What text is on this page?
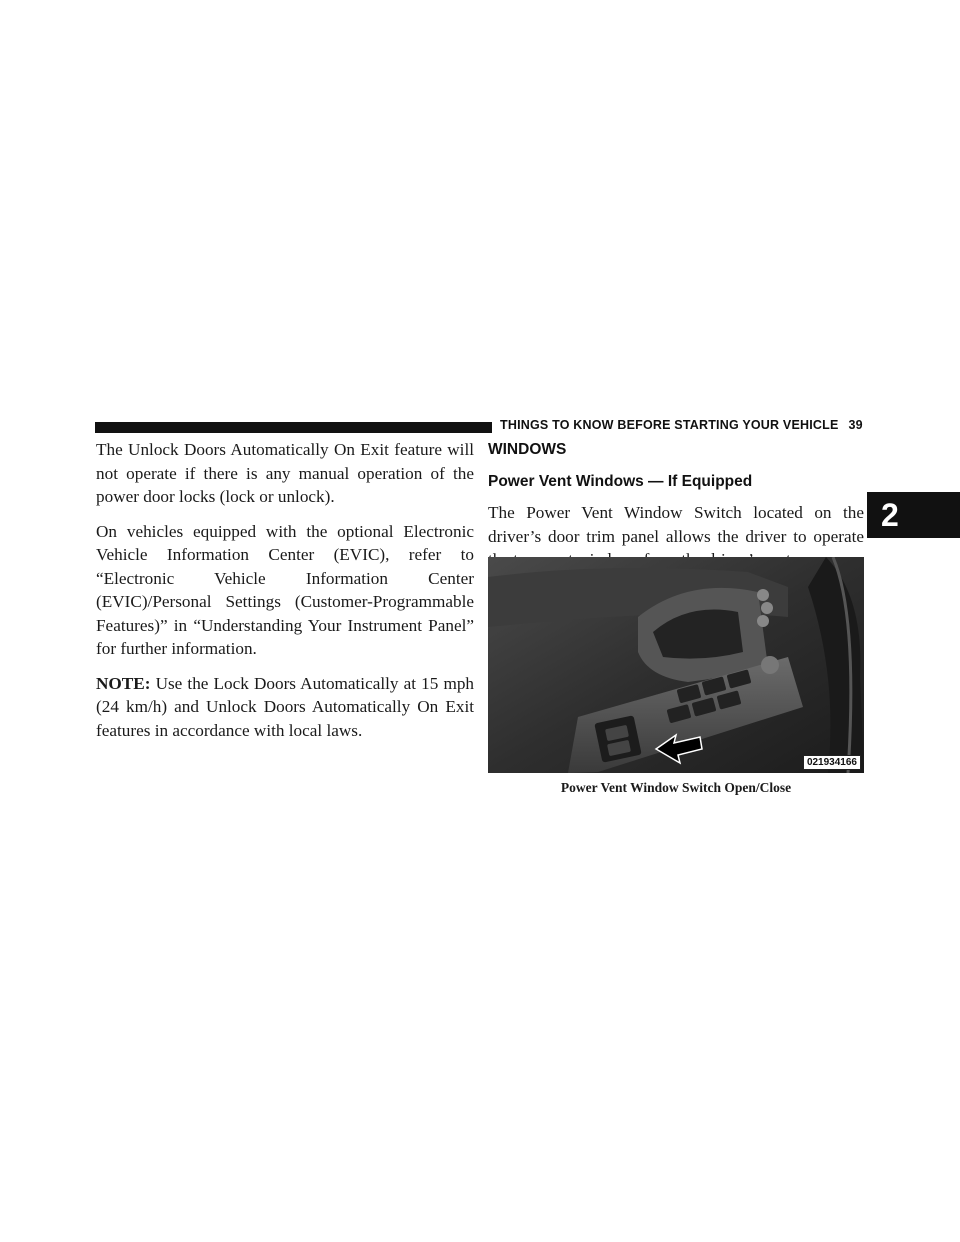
THINGS TO KNOW BEFORE STARTING YOUR VEHICLE 39
2

The Unlock Doors Automatically On Exit feature will not operate if there is any manual operation of the power door locks (lock or unlock).

On vehicles equipped with the optional Electronic Vehicle Information Center (EVIC), refer to “Electronic Vehicle Information Center (EVIC)/Personal Settings (Customer-Programmable Features)” in “Understanding Your Instrument Panel” for further information.

NOTE: Use the Lock Doors Automatically at 15 mph (24 km/h) and Unlock Doors Automatically On Exit features in accordance with local laws.

WINDOWS
Power Vent Windows — If Equipped

The Power Vent Window Switch located on the driver’s door trim panel allows the driver to operate

021934166
Power Vent Window Switch Open/Close
